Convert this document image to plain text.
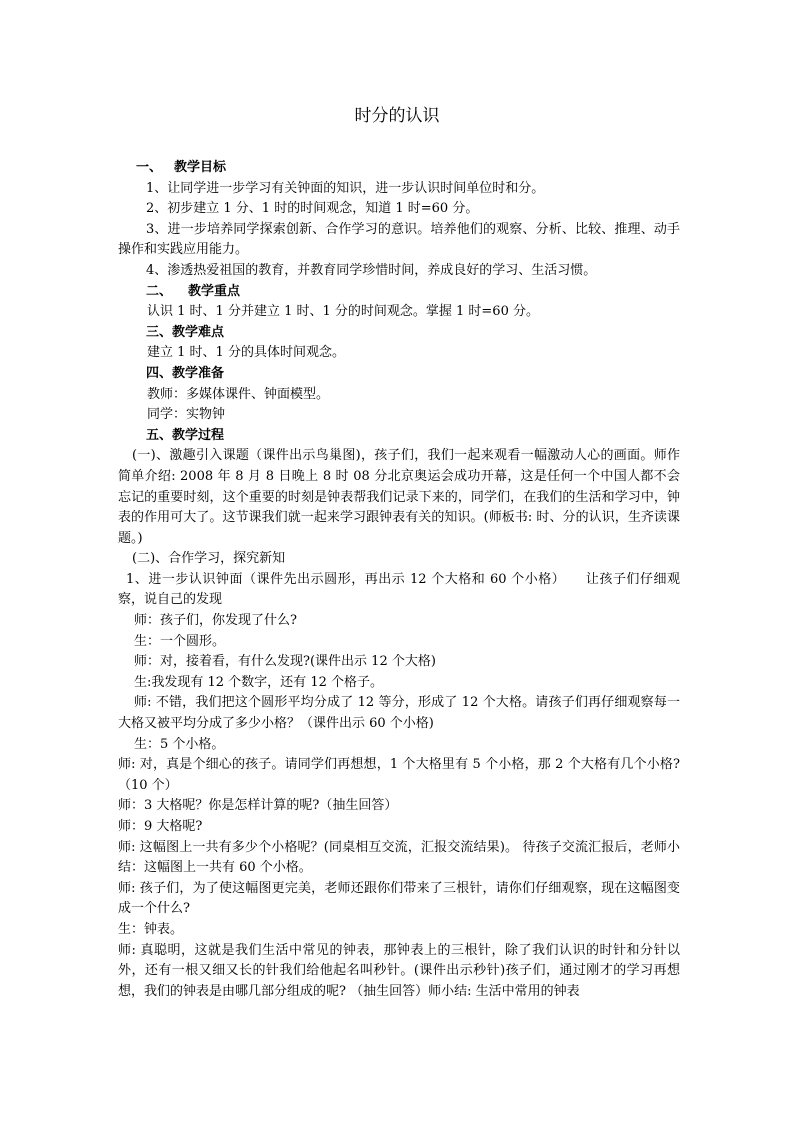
时分的认识

一、 教学目标

1、让同学进一步学习有关钟面的知识，进一步认识时间单位时和分。

2、初步建立 1 分、1 时的时间观念，知道 1 时=60 分。

3、进一步培养同学探索创新、合作学习的意识。培养他们的观察、分析、比较、推理、动手操作和实践应用能力。

4、渗透热爱祖国的教育，并教育同学珍惜时间，养成良好的学习、生活习惯。

二、 教学重点

认识 1 时、1 分并建立 1 时、1 分的时间观念。掌握 1 时=60 分。

三、教学难点

建立 1 时、1 分的具体时间观念。

四、教学准备

教师：多媒体课件、钟面模型。

同学：实物钟

五、教学过程

(一)、激趣引入课题（课件出示鸟巢图)，孩子们，我们一起来观看一幅激动人心的画面。师作简单介绍: 2008 年 8 月 8 日晚上 8 时 08 分北京奥运会成功开幕，这是任何一个中国人都不会忘记的重要时刻，这个重要的时刻是钟表帮我们记录下来的，同学们，在我们的生活和学习中，钟表的作用可大了。这节课我们就一起来学习跟钟表有关的知识。(师板书: 时、分的认识，生齐读课题。)

(二)、合作学习，探究新知

1、进一步认识钟面（课件先出示圆形，再出示 12 个大格和 60 个小格）　　让孩子们仔细观察，说自己的发现

师：孩子们，你发现了什么?

生：一个圆形。

师：对，接着看，有什么发现?(课件出示 12 个大格)

生:我发现有 12 个数字，还有 12 个格子。

师: 不错，我们把这个圆形平均分成了 12 等分，形成了 12 个大格。请孩子们再仔细观察每一大格又被平均分成了多少小格？（课件出示 60 个小格)

生：5 个小格。

师: 对，真是个细心的孩子。请同学们再想想，1 个大格里有 5 个小格，那 2 个大格有几个小格?（10 个）

师：3 大格呢？你是怎样计算的呢?（抽生回答）

师：9 大格呢?

师: 这幅图上一共有多少个小格呢？(同桌相互交流，汇报交流结果)。 待孩子交流汇报后，老师小结：这幅图上一共有 60 个小格。

师: 孩子们，为了使这幅图更完美，老师还跟你们带来了三根针，请你们仔细观察，现在这幅图变成一个什么?

生：钟表。

师: 真聪明，这就是我们生活中常见的钟表，那钟表上的三根针，除了我们认识的时针和分针以外，还有一根又细又长的针我们给他起名叫秒针。(课件出示秒针)孩子们，通过刚才的学习再想想，我们的钟表是由哪几部分组成的呢? （抽生回答）师小结: 生活中常用的钟表
